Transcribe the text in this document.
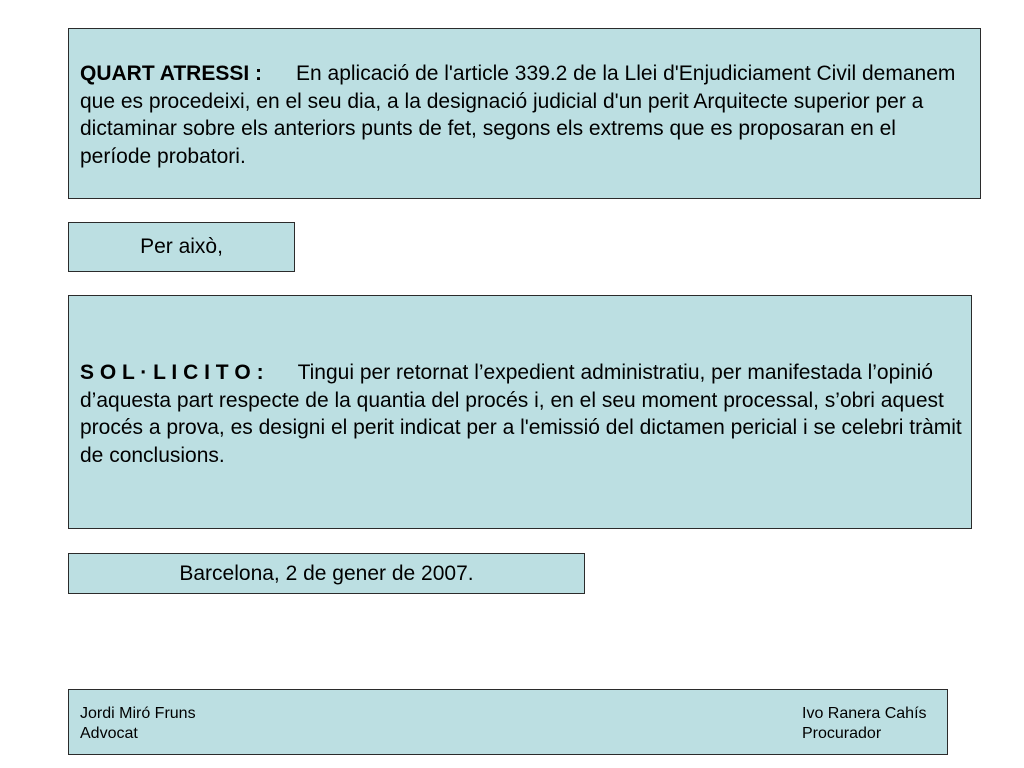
QUART ATRESSI : En aplicació de l'article 339.2 de la Llei d'Enjudiciament Civil demanem que es procedeixi, en el seu dia, a la designació judicial d'un perit Arquitecte superior per a dictaminar sobre els anteriors punts de fet, segons els extrems que es proposaran en el període probatori.
Per això,
S O L · L I C I T O : Tingui per retornat l’expedient administratiu, per manifestada l’opinió d’aquesta part respecte de la quantia del procés i, en el seu moment processal, s’obri aquest procés a prova, es designi el perit indicat per a l'emissió del dictamen pericial i se celebri tràmit de conclusions.
Barcelona, 2 de gener de 2007.
Jordi Miró Fruns
Advocat
Ivo Ranera Cahís
Procurador
